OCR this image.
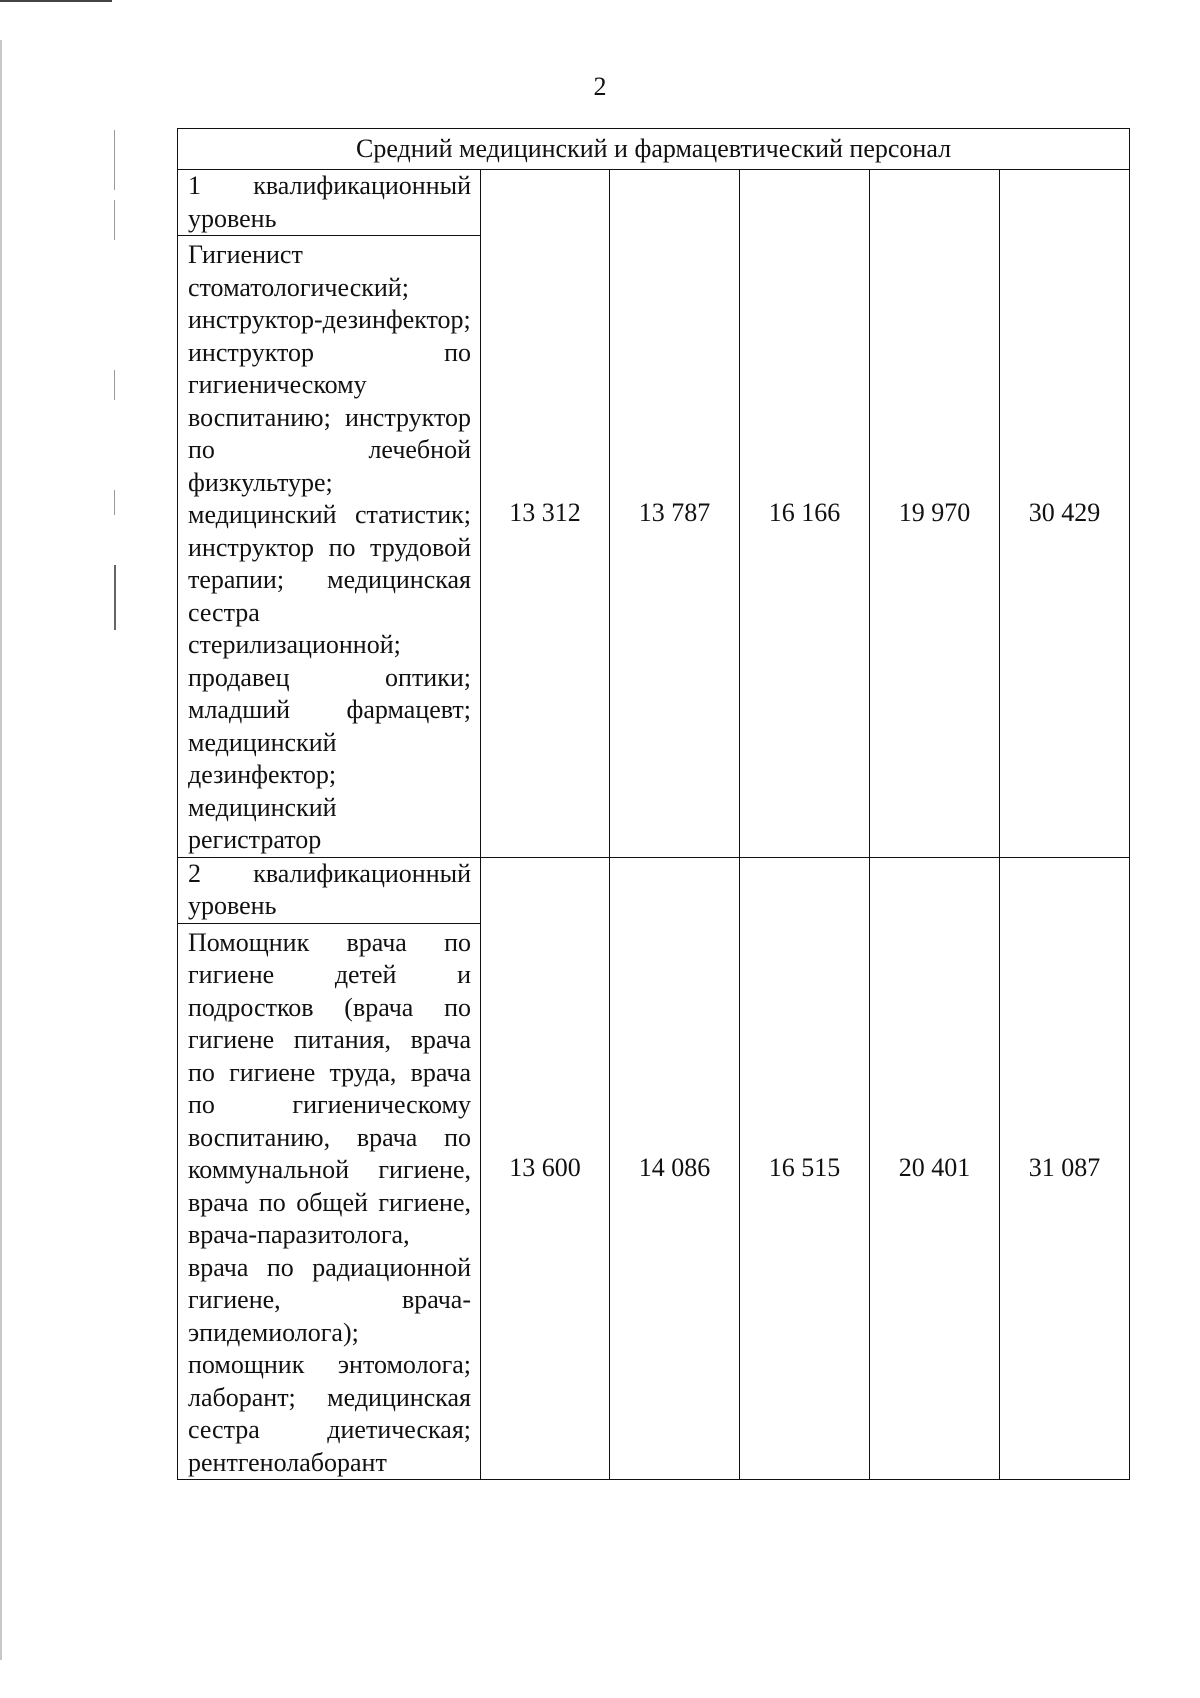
2
Средний медицинский и фармацевтический персонал					

1 квалификационный
уровень
Гигиенист стоматологический; инструктор-дезинфектор; инструктор по гигиеническому воспитанию; инструктор по лечебной физкультуре; медицинский статистик; инструктор по трудовой терапии; медицинская сестра стерилизационной; продавец оптики; младший фармацевт; медицинский дезинфектор; медицинский регистратор	13 312	13 787	16 166	19 970	30 429

2 квалификационный
уровень
Помощник врача по гигиене детей и подростков (врача по гигиене питания, врача по гигиене труда, врача по гигиеническому воспитанию, врача по коммунальной гигиене, врача по общей гигиене, врача-паразитолога, врача по радиационной гигиене, врача-эпидемиолога); помощник энтомолога; лаборант; медицинская сестра диетическая; рентгенолаборант	13 600	14 086	16 515	20 401	31 087
